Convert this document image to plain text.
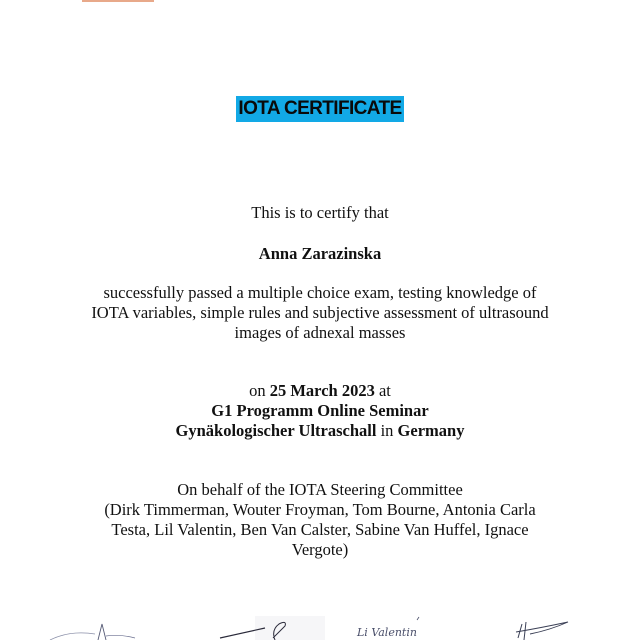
IOTA CERTIFICATE
This is to certify that
Anna Zarazinska
successfully passed a multiple choice exam, testing knowledge of
IOTA variables, simple rules and subjective assessment of ultrasound
images of adnexal masses
on 25 March 2023 at
G1 Programm Online Seminar
Gynäkologischer Ultraschall in Germany
On behalf of the IOTA Steering Committee
(Dirk Timmerman, Wouter Froyman, Tom Bourne, Antonia Carla
Testa, Lil Valentin, Ben Van Calster, Sabine Van Huffel, Ignace
Vergote)
Li Valentin
